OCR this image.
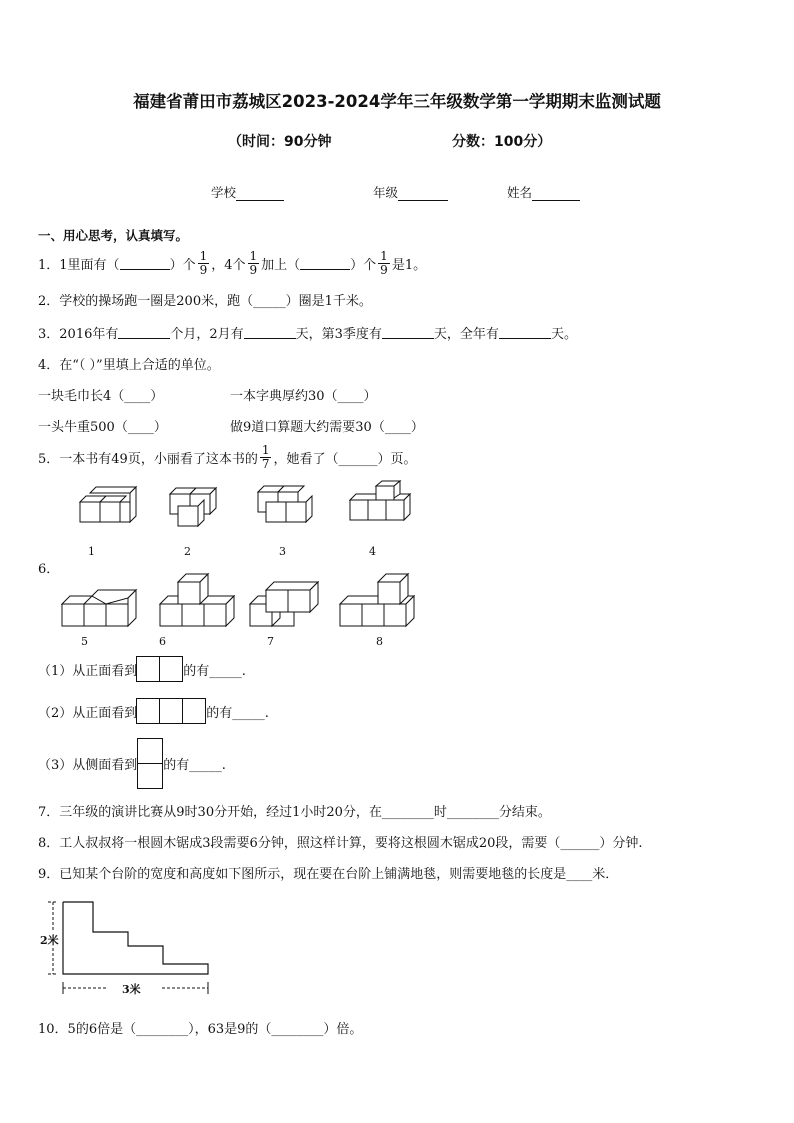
福建省莆田市荔城区2023-2024学年三年级数学第一学期期末监测试题
（时间：90分钟	分数：100分）
学校	年级	姓名
一、用心思考，认真填写。
1． 1里面有（	）个 $\frac{1}{9}$ ，4个 $\frac{1}{9}$ 加上（	）个 $\frac{1}{9}$ 是1。
2．学校的操场跑一圈是200米，跑（_____）圈是1千米。
3．2016年有	个月，2月有	天，第3季度有	天，全年有	天。
4．在“（ ）”里填上合适的单位。
一块毛巾长4（____）	一本字典厚约30（____）
一头牛重500（____）	做9道口算题大约需要30（____）
5．一本书有49页，小丽看了这本书的 $\frac{1}{7}$ ，她看了（______）页。
6．
1	2	3	4
5	6	7	8
（1）从正面看到	的有_____.
（2）从正面看到	的有_____.
（3）从侧面看到 的有_____.
7．三年级的演讲比赛从9时30分开始，经过1小时20分，在________时________分结束。
8．工人叔叔将一根圆木锯成3段需要6分钟，照这样计算，要将这根圆木锯成20段，需要（______）分钟.
9．已知某个台阶的宽度和高度如下图所示，现在要在台阶上铺满地毯，则需要地毯的长度是____米．
2米
3米
10．5的6倍是（________），63是9的（________）倍。
